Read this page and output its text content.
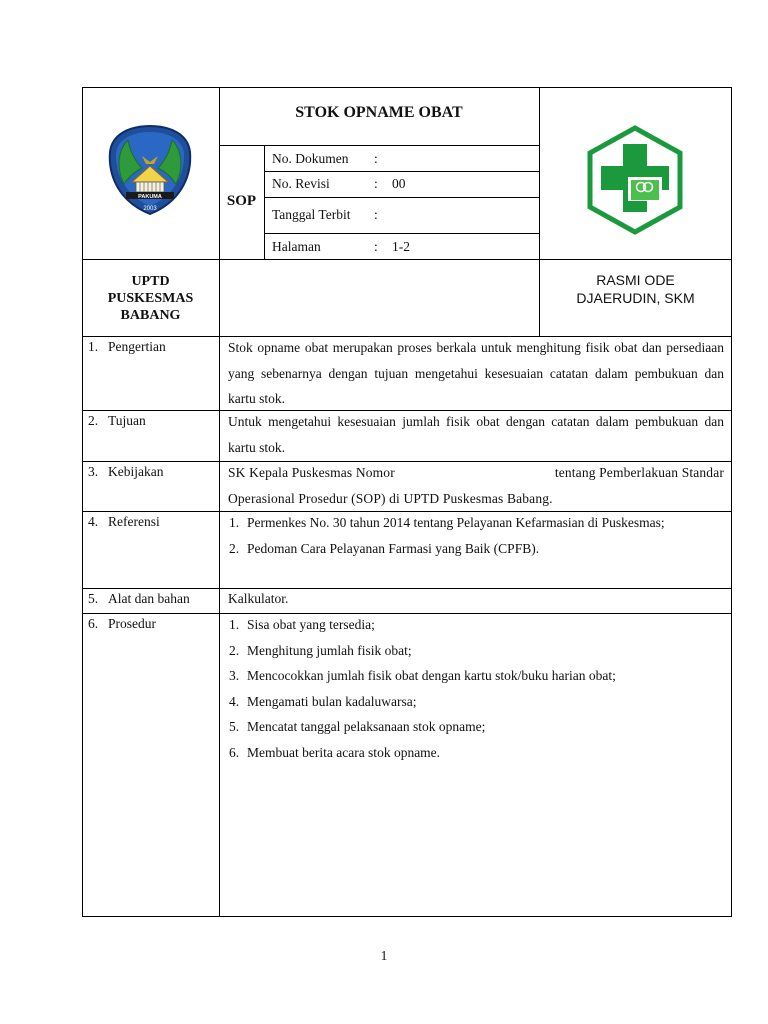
PAKUMA
2003
STOK OPNAME OBAT
SOP
No. Dokumen :
No. Revisi	: 00
Tanggal Terbit :
Halaman	: 1-2
UPTD
PUSKESMAS
BABANG
RASMI ODE
DJAERUDIN, SKM
1. Pengertian	Stok opname obat merupakan proses berkala untuk menghitung fisik obat dan persediaan yang sebenarnya dengan tujuan mengetahui kesesuaian catatan dalam pembukuan dan kartu stok.
2. Tujuan	Untuk mengetahui kesesuaian jumlah fisik obat dengan catatan dalam pembukuan dan kartu stok.
3. Kebijakan	SK Kepala Puskesmas Nomor	tentang Pemberlakuan Standar
Operasional Prosedur (SOP) di UPTD Puskesmas Babang.
4. Referensi	1. Permenkes No. 30 tahun 2014 tentang Pelayanan Kefarmasian di Puskesmas;
2. Pedoman Cara Pelayanan Farmasi yang Baik (CPFB).
5. Alat dan bahan	Kalkulator.
6. Prosedur	1. Sisa obat yang tersedia;
2. Menghitung jumlah fisik obat;
3. Mencocokkan jumlah fisik obat dengan kartu stok/buku harian obat;
4. Mengamati bulan kadaluwarsa;
5. Mencatat tanggal pelaksanaan stok opname;
6. Membuat berita acara stok opname.
1
